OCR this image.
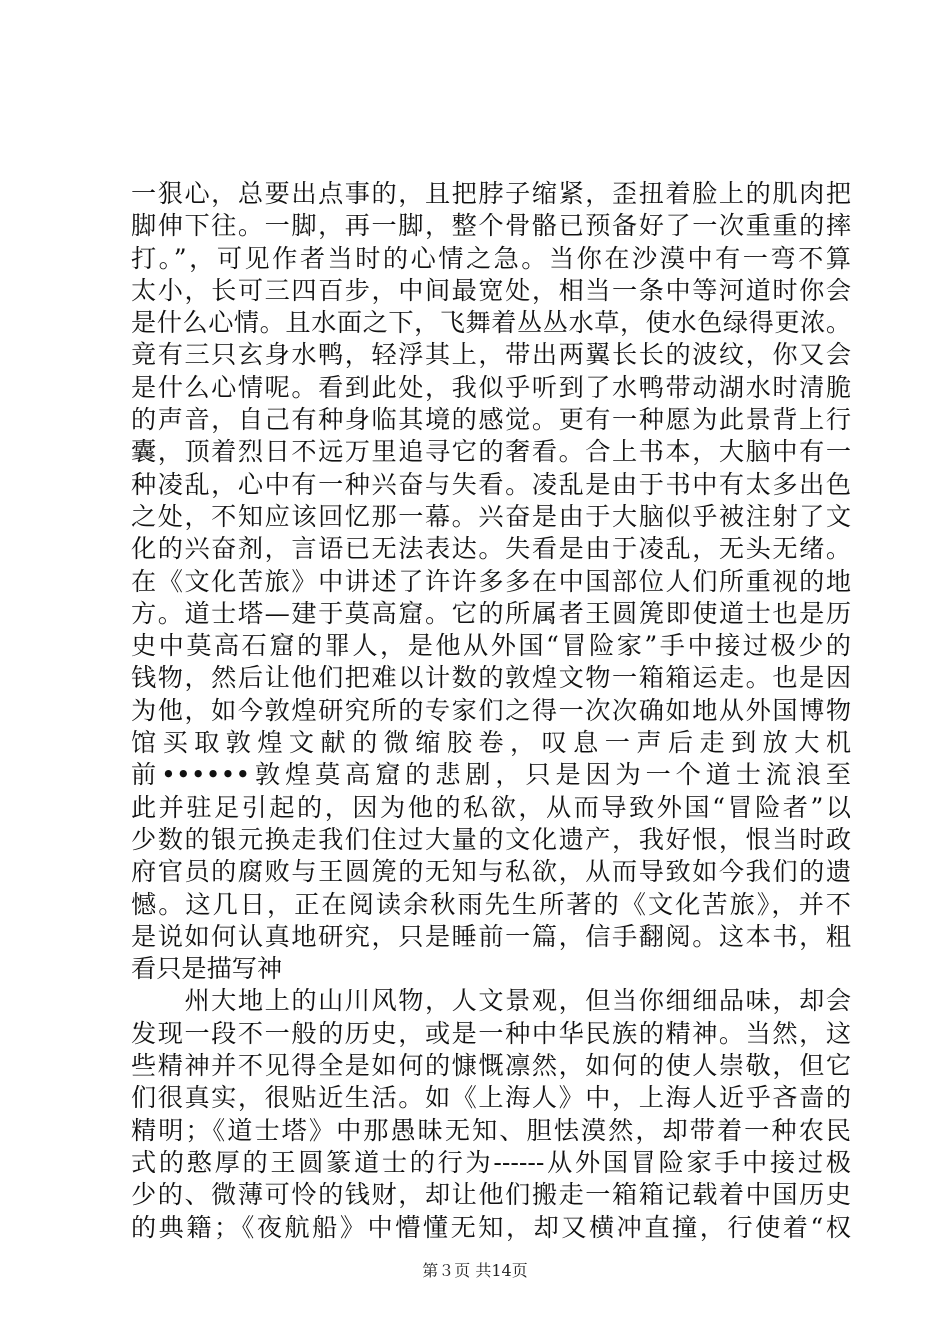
一狠心，总要出点事的，且把脖子缩紧，歪扭着脸上的肌肉把
脚伸下往。一脚，再一脚，整个骨骼已预备好了一次重重的摔
打。”，可见作者当时的心情之急。当你在沙漠中有一弯不算
太小，长可三四百步，中间最宽处，相当一条中等河道时你会
是什么心情。且水面之下，飞舞着丛丛水草，使水色绿得更浓。
竟有三只玄身水鸭，轻浮其上，带出两翼长长的波纹，你又会
是什么心情呢。看到此处，我似乎听到了水鸭带动湖水时清脆
的声音，自己有种身临其境的感觉。更有一种愿为此景背上行
囊，顶着烈日不远万里追寻它的奢看。合上书本，大脑中有一
种凌乱，心中有一种兴奋与失看。凌乱是由于书中有太多出色
之处，不知应该回忆那一幕。兴奋是由于大脑似乎被注射了文
化的兴奋剂，言语已无法表达。失看是由于凌乱，无头无绪。
在《文化苦旅》中讲述了许许多多在中国部位人们所重视的地
方。道士塔—建于莫高窟。它的所属者王圆箎即使道士也是历
史中莫高石窟的罪人，是他从外国“冒险家”手中接过极少的
钱物，然后让他们把难以计数的敦煌文物一箱箱运走。也是因
为他，如今敦煌研究所的专家们之得一次次确如地从外国博物
馆买取敦煌文献的微缩胶卷，叹息一声后走到放大机
前••••••敦煌莫高窟的悲剧，只是因为一个道士流浪至
此并驻足引起的，因为他的私欲，从而导致外国“冒险者”以
少数的银元换走我们住过大量的文化遗产，我好恨，恨当时政
府官员的腐败与王圆箎的无知与私欲，从而导致如今我们的遗
憾。这几日，正在阅读余秋雨先生所著的《文化苦旅》，并不
是说如何认真地研究，只是睡前一篇，信手翻阅。这本书，粗
看只是描写神
　　州大地上的山川风物，人文景观，但当你细细品味，却会
发现一段不一般的历史，或是一种中华民族的精神。当然，这
些精神并不见得全是如何的慷慨凛然，如何的使人崇敬，但它
们很真实，很贴近生活。如《上海人》中，上海人近乎吝啬的
精明；《道士塔》中那愚昧无知、胆怯漠然，却带着一种农民
式的憨厚的王圆篆道士的行为------从外国冒险家手中接过极
少的、微薄可怜的钱财，却让他们搬走一箱箱记载着中国历史
的典籍；《夜航船》中懵懂无知，却又横冲直撞，行使着“权
第３页 共14页
